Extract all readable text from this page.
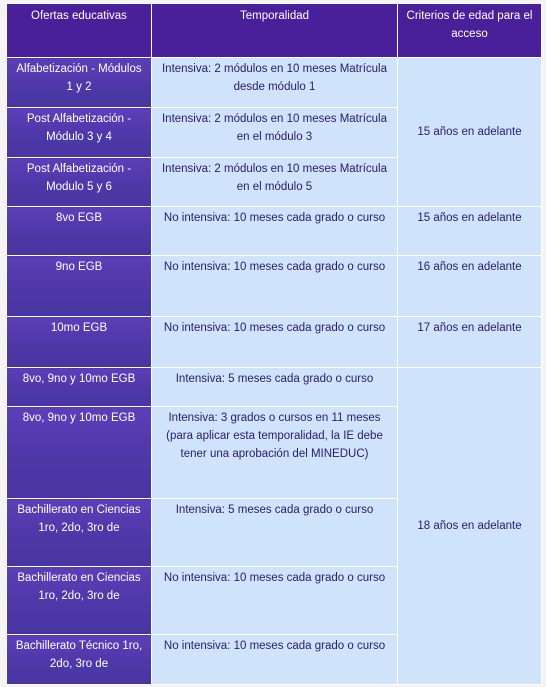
Ofertas educativas	Temporalidad	Criterios de edad para el acceso
Alfabetización - Módulos 1 y 2	Intensiva: 2 módulos en 10 meses Matrícula desde módulo 1	15 años en adelante
Post Alfabetización - Módulo 3 y 4	Intensiva: 2 módulos en 10 meses Matrícula en el módulo 3	
Post Alfabetización - Modulo 5 y 6	Intensiva: 2 módulos en 10 meses Matrícula en el módulo 5	
8vo EGB	No intensiva: 10 meses cada grado o curso	15 años en adelante
9no EGB	No intensiva: 10 meses cada grado o curso	16 años en adelante
10mo EGB	No intensiva: 10 meses cada grado o curso	17 años en adelante
8vo, 9no y 10mo EGB	Intensiva: 5 meses cada grado o curso	18 años en adelante
8vo, 9no y 10mo EGB	Intensiva: 3 grados o cursos en 11 meses (para aplicar esta temporalidad, la IE debe tener una aprobación del MINEDUC)	
Bachillerato en Ciencias 1ro, 2do, 3ro de	Intensiva: 5 meses cada grado o curso	
Bachillerato en Ciencias 1ro, 2do, 3ro de	No intensiva: 10 meses cada grado o curso	
Bachillerato Técnico 1ro, 2do, 3ro de	No intensiva: 10 meses cada grado o curso	
